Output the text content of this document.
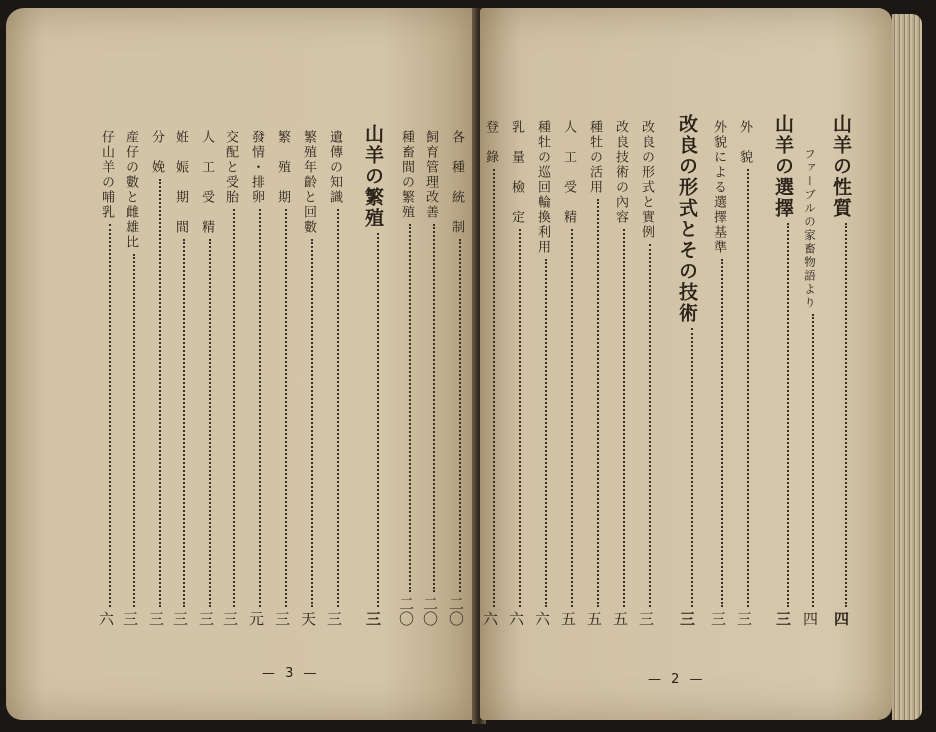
山羊の性質四
ファーブルの家畜物語より四
山羊の選擇三
外　貌三
外貌による選擇基準三
改良の形式とその技術三
改良の形式と實例三
改良技術の內容五
種牡の活用五
人　工　受　精五
種牡の巡回輪換利用六
乳　量　檢　定六
登　錄六
各　種　統　制二〇
飼育管理改善二〇
種畜間の繁殖二〇
山羊の繁殖三
遺傳の知識三
繁殖年齡と回數天
繁　殖　期三
發情・排卵元
交配と受胎三
人　工　受　精三
姙　娠　期　間三
分　娩三
産仔の數と雌雄比三
仔山羊の哺乳六
— 2 —
— 3 —
